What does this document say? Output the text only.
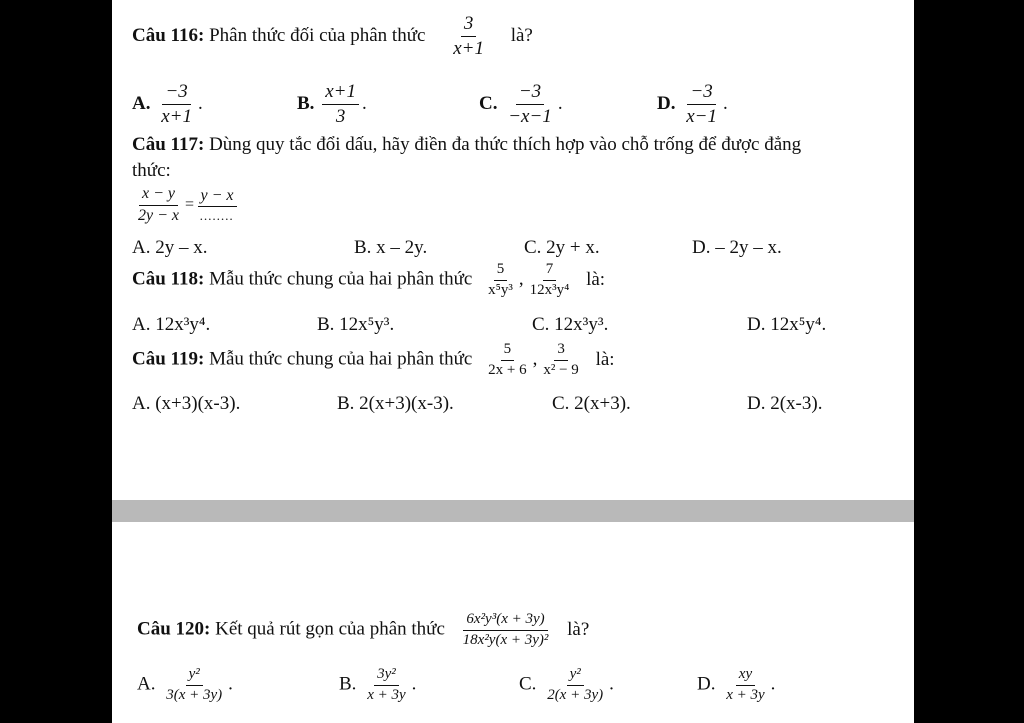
Câu 116: Phân thức đối của phân thức $\frac{3}{x+1}$ là?
A. $\frac{-3}{x+1}$ .	B. $\frac{x+1}{3}$ .	C. $\frac{-3}{-x-1}$ .	D. $\frac{-3}{x-1}$ .
Câu 117: Dùng quy tắc đổi dấu, hãy điền đa thức thích hợp vào chỗ trống để được đẳng
thức:
$\frac{x - y}{2y - x}$ =
y − x
........
A. 2y – x.	B. x – 2y.	C. 2y + x.	D. – 2y – x.
Câu 118: Mẫu thức chung của hai phân thức $\frac{5}{\text{x⁵y³}}$ , $\frac{7}{\text{12x³y⁴}}$ là:
A. 12x³y⁴.	B. 12x⁵y³.	C. 12x³y³.	D. 12x⁵y⁴.
Câu 119: Mẫu thức chung của hai phân thức $\frac{5}{2x + 6}$ , $\frac{3}{\text{x² − 9}}$ là:
A. (x+3)(x-3).	B. 2(x+3)(x-3).	C. 2(x+3).	D. 2(x-3).
Câu 120: Kết quả rút gọn của phân thức $\frac{\text{6x²y³(x + 3y)}}{\text{18x²y(x + 3y)²}}$ là?
A. $\frac{\text{y²}}{3(x + 3y)}$ .	B. $\frac{\text{3y²}}{x + 3y}$ .	C. $\frac{\text{y²}}{2(x + 3y)}$ .	D. $\frac{xy}{x + 3y}$ .
